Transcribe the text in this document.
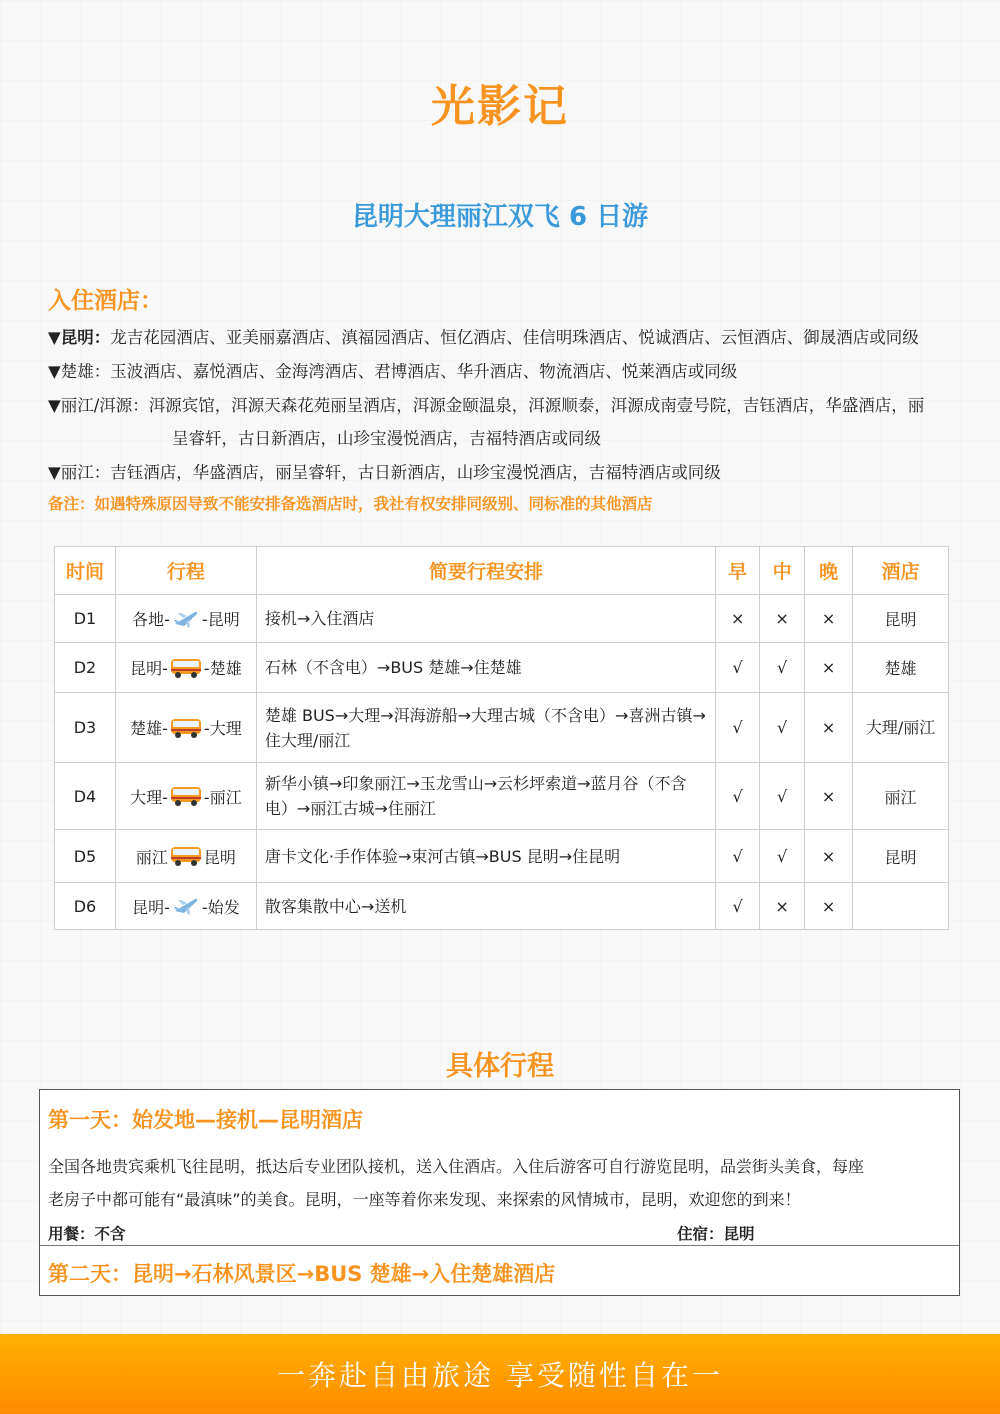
光影记
昆明大理丽江双飞 6 日游
入住酒店：
▼昆明：龙吉花园酒店、亚美丽嘉酒店、滇福园酒店、恒亿酒店、佳信明珠酒店、悦诚酒店、云恒酒店、御晟酒店或同级
▼楚雄：玉波酒店、嘉悦酒店、金海湾酒店、君博酒店、华升酒店、物流酒店、悦莱酒店或同级
▼丽江/洱源：洱源宾馆，洱源天森花苑丽呈酒店，洱源金颐温泉，洱源顺泰，洱源成南壹号院，吉钰酒店，华盛酒店，丽
呈睿轩，古日新酒店，山珍宝漫悦酒店，吉福特酒店或同级
▼丽江：吉钰酒店，华盛酒店，丽呈睿轩，古日新酒店，山珍宝漫悦酒店，吉福特酒店或同级
备注：如遇特殊原因导致不能安排备选酒店时，我社有权安排同级别、同标准的其他酒店
时间	行程	简要行程安排	早	中	晚	酒店
D1	各地- -昆明	接机→入住酒店	×	×	×	昆明
D2	昆明- -楚雄	石林（不含电）→BUS 楚雄→住楚雄	√	√	×	楚雄
D3	楚雄- -大理	楚雄 BUS→大理→洱海游船→大理古城（不含电）→喜洲古镇→住大理/丽江	√	√	×	大理/丽江
D4	大理- -丽江	新华小镇→印象丽江→玉龙雪山→云杉坪索道→蓝月谷（不含电）→丽江古城→住丽江	√	√	×	丽江
D5	丽江 昆明	唐卡文化·手作体验→束河古镇→BUS 昆明→住昆明	√	√	×	昆明
D6	昆明- -始发	散客集散中心→送机	√	×	×	
具体行程
第一天：始发地—接机—昆明酒店
全国各地贵宾乘机飞往昆明，抵达后专业团队接机，送入住酒店。入住后游客可自行游览昆明，品尝街头美食，每座
老房子中都可能有“最滇味”的美食。昆明，一座等着你来发现、来探索的风情城市，昆明，欢迎您的到来！
用餐：不含	住宿：昆明
第二天：昆明→石林风景区→BUS 楚雄→入住楚雄酒店
一奔赴自由旅途 享受随性自在一
